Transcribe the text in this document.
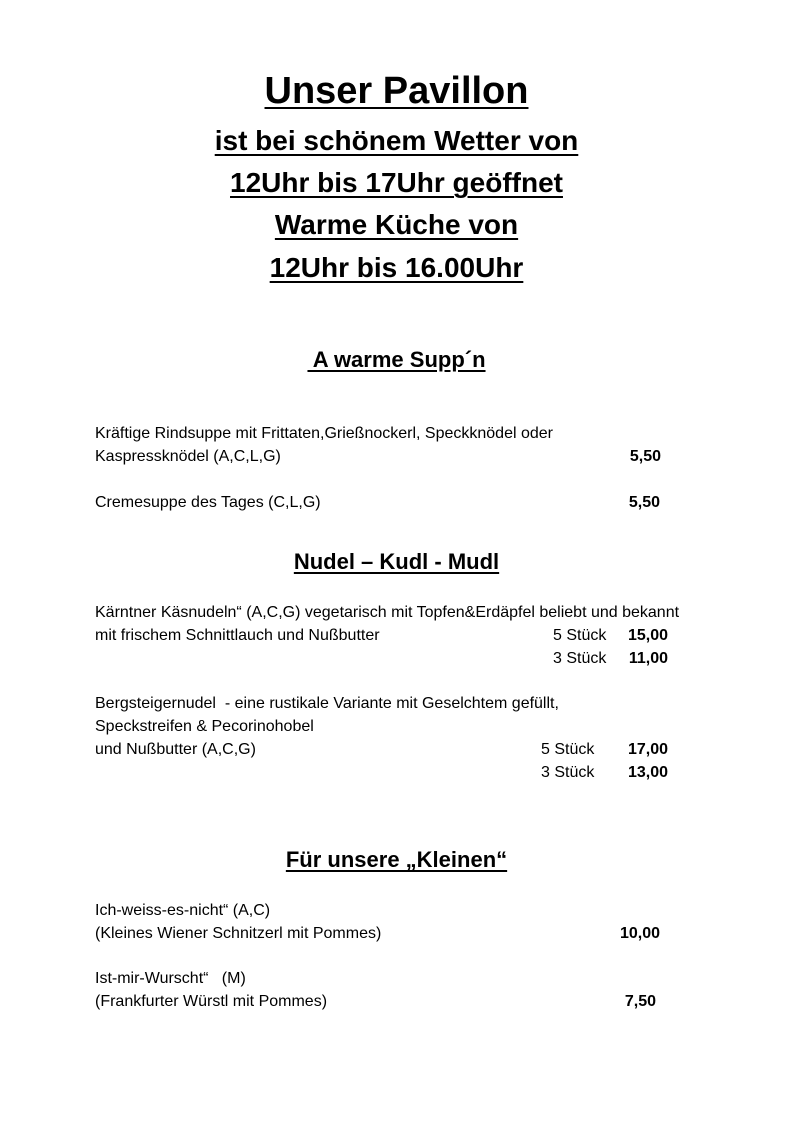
Unser Pavillon
ist bei schönem Wetter von
12Uhr bis 17Uhr geöffnet
Warme Küche von
12Uhr bis 16.00Uhr
A warme Supp´n
Kräftige Rindsuppe mit Frittaten,Grießnockerl, Speckknödel oder
Kaspressknödel (A,C,L,G)	5,50
Cremesuppe des Tages (C,L,G)	5,50
Nudel – Kudl - Mudl
Kärntner Käsnudeln“ (A,C,G) vegetarisch mit Topfen&Erdäpfel beliebt und bekannt
mit frischem Schnittlauch und Nußbutter	5 Stück	15,00
3 Stück	11,00
Bergsteigernudel  - eine rustikale Variante mit Geselchtem gefüllt,
Speckstreifen & Pecorinohobel
und Nußbutter (A,C,G)	5 Stück	17,00
3 Stück	13,00
Für unsere „Kleinen“
Ich-weiss-es-nicht“ (A,C)
(Kleines Wiener Schnitzerl mit Pommes)	10,00
Ist-mir-Wurscht“   (M)
(Frankfurter Würstl mit Pommes)	7,50
